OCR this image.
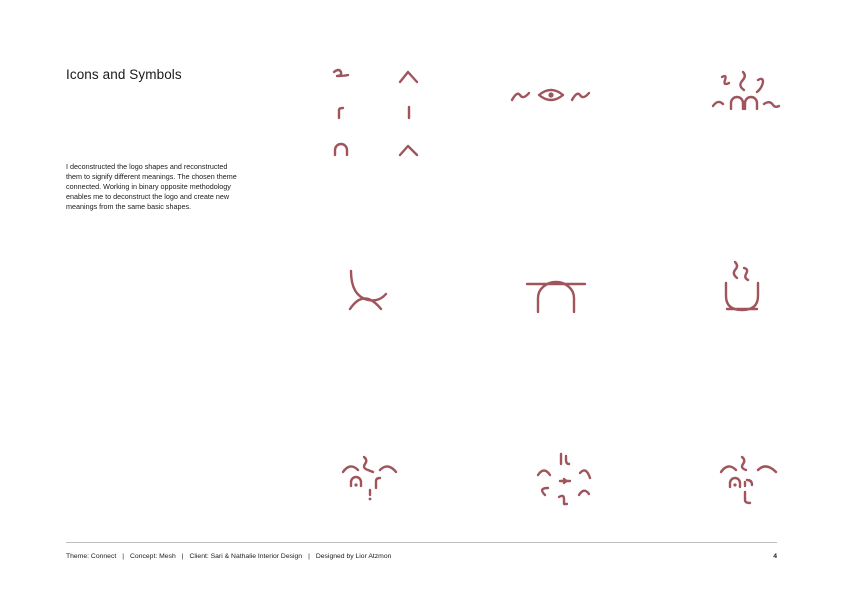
Icons and Symbols

I deconstructed the logo shapes and reconstructed them to signify different meanings. The chosen theme connected. Working in binary opposite methodology enables me to deconstruct the logo and create new meanings from the same basic shapes.

Theme: Connect | Concept: Mesh | Client: Sari & Nathalie Interior Design | Designed by Lior Atzmon	4
